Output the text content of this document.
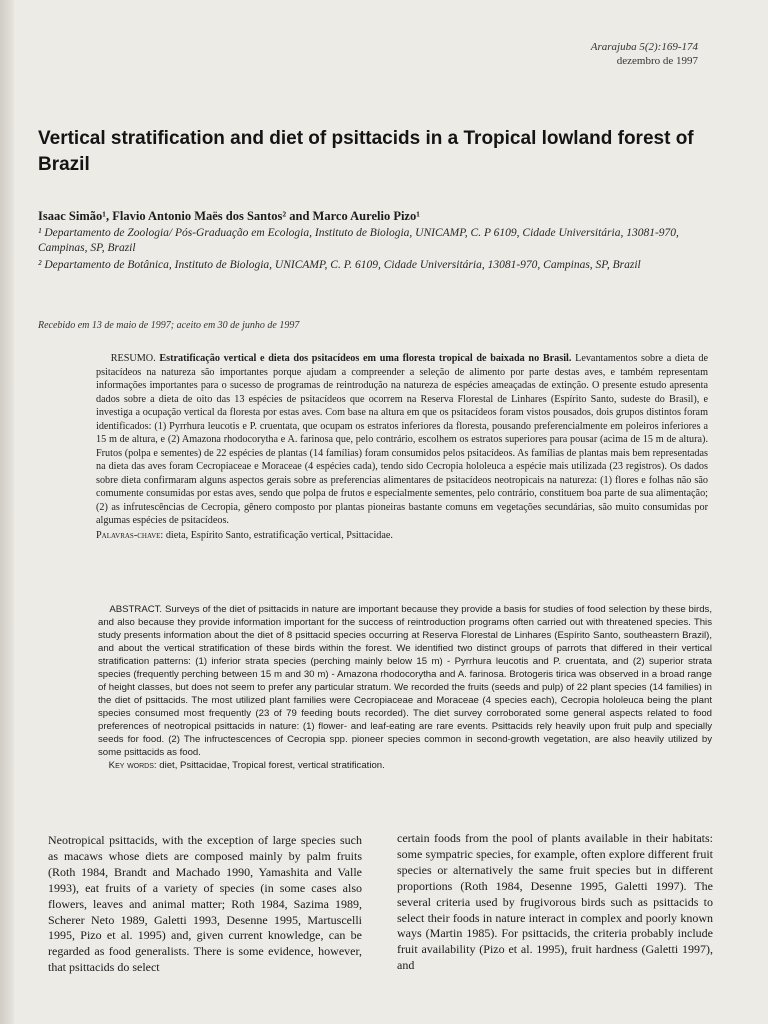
Ararajuba 5(2):169-174
dezembro de 1997
Vertical stratification and diet of psittacids in a Tropical lowland forest of Brazil
Isaac Simão¹, Flavio Antonio Maës dos Santos² and Marco Aurelio Pizo¹

¹ Departamento de Zoologia/ Pós-Graduação em Ecologia, Instituto de Biologia, UNICAMP, C. P 6109, Cidade Universitária, 13081-970, Campinas, SP, Brazil

² Departamento de Botânica, Instituto de Biologia, UNICAMP, C. P. 6109, Cidade Universitária, 13081-970, Campinas, SP, Brazil

Recebido em 13 de maio de 1997; aceito em 30 de junho de 1997

RESUMO. Estratificação vertical e dieta dos psitacídeos em uma floresta tropical de baixada no Brasil. Levantamentos sobre a dieta de psitacídeos na natureza são importantes porque ajudam a compreender a seleção de alimento por parte destas aves, e também representam informações importantes para o sucesso de programas de reintrodução na natureza de espécies ameaçadas de extinção. O presente estudo apresenta dados sobre a dieta de oito das 13 espécies de psitacídeos que ocorrem na Reserva Florestal de Linhares (Espírito Santo, sudeste do Brasil), e investiga a ocupação vertical da floresta por estas aves. Com base na altura em que os psitacídeos foram vistos pousados, dois grupos distintos foram identificados: (1) Pyrrhura leucotis e P. cruentata, que ocupam os estratos inferiores da floresta, pousando preferencialmente em poleiros inferiores a 15 m de altura, e (2) Amazona rhodocorytha e A. farinosa que, pelo contrário, escolhem os estratos superiores para pousar (acima de 15 m de altura). Frutos (polpa e sementes) de 22 espécies de plantas (14 famílias) foram consumidos pelos psitacídeos. As famílias de plantas mais bem representadas na dieta das aves foram Cecropiaceae e Moraceae (4 espécies cada), tendo sido Cecropia hololeuca a espécie mais utilizada (23 registros). Os dados sobre dieta confirmaram alguns aspectos gerais sobre as preferencias alimentares de psitacídeos neotropicais na natureza: (1) flores e folhas não são comumente consumidas por estas aves, sendo que polpa de frutos e especialmente sementes, pelo contrário, constituem boa parte de sua alimentação; (2) as infrutescências de Cecropia, gênero composto por plantas pioneiras bastante comuns em vegetações secundárias, são muito consumidas por algumas espécies de psitacídeos.

Palavras-chave: dieta, Espírito Santo, estratificação vertical, Psittacidae.

ABSTRACT. Surveys of the diet of psittacids in nature are important because they provide a basis for studies of food selection by these birds, and also because they provide information important for the success of reintroduction programs often carried out with threatened species. This study presents information about the diet of 8 psittacid species occurring at Reserva Florestal de Linhares (Espírito Santo, southeastern Brazil), and about the vertical stratification of these birds within the forest. We identified two distinct groups of parrots that differed in their vertical stratification patterns: (1) inferior strata species (perching mainly below 15 m) - Pyrrhura leucotis and P. cruentata, and (2) superior strata species (frequently perching between 15 m and 30 m) - Amazona rhodocorytha and A. farinosa. Brotogeris tirica was observed in a broad range of height classes, but does not seem to prefer any particular stratum. We recorded the fruits (seeds and pulp) of 22 plant species (14 families) in the diet of psittacids. The most utilized plant families were Cecropiaceae and Moraceae (4 species each), Cecropia hololeuca being the plant species consumed most frequently (23 of 79 feeding bouts recorded). The diet survey corroborated some general aspects related to food preferences of neotropical psittacids in nature: (1) flower- and leaf-eating are rare events. Psittacids rely heavily upon fruit pulp and specially seeds for food. (2) The infructescences of Cecropia spp. pioneer species common in second-growth vegetation, are also heavily utilized by some psittacids as food.

Key words: diet, Psittacidae, Tropical forest, vertical stratification.

Neotropical psittacids, with the exception of large species such as macaws whose diets are composed mainly by palm fruits (Roth 1984, Brandt and Machado 1990, Yamashita and Valle 1993), eat fruits of a variety of species (in some cases also flowers, leaves and animal matter; Roth 1984, Sazima 1989, Scherer Neto 1989, Galetti 1993, Desenne 1995, Martuscelli 1995, Pizo et al. 1995) and, given current knowledge, can be regarded as food generalists. There is some evidence, however, that psittacids do select

certain foods from the pool of plants available in their habitats: some sympatric species, for example, often explore different fruit species or alternatively the same fruit species but in different proportions (Roth 1984, Desenne 1995, Galetti 1997). The several criteria used by frugivorous birds such as psittacids to select their foods in nature interact in complex and poorly known ways (Martin 1985). For psittacids, the criteria probably include fruit availability (Pizo et al. 1995), fruit hardness (Galetti 1997), and
